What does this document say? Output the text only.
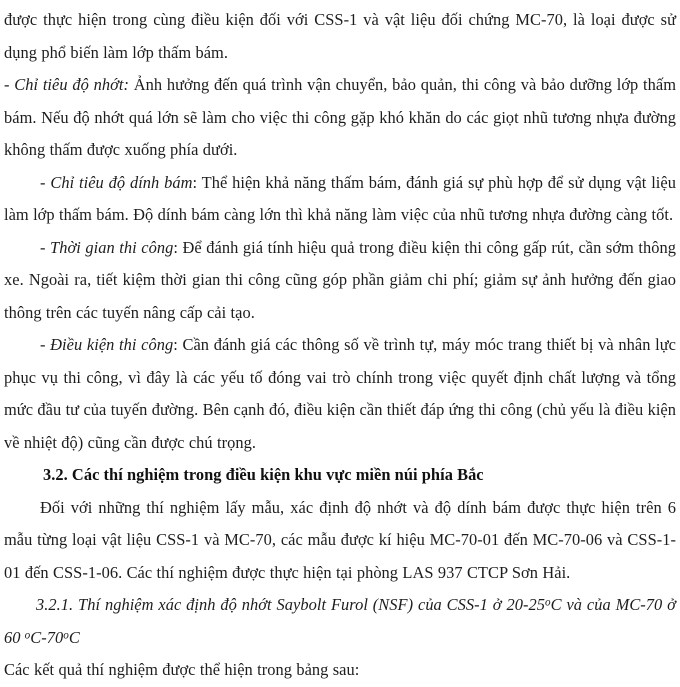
được thực hiện trong cùng điều kiện đối với CSS-1 và vật liệu đối chứng MC-70, là loại được sử dụng phổ biến làm lớp thấm bám.

- Chỉ tiêu độ nhớt: Ảnh hưởng đến quá trình vận chuyển, bảo quản, thi công và bảo dưỡng lớp thấm bám. Nếu độ nhớt quá lớn sẽ làm cho việc thi công gặp khó khăn do các giọt nhũ tương nhựa đường không thấm được xuống phía dưới.

- Chỉ tiêu độ dính bám: Thể hiện khả năng thấm bám, đánh giá sự phù hợp để sử dụng vật liệu làm lớp thấm bám. Độ dính bám càng lớn thì khả năng làm việc của nhũ tương nhựa đường càng tốt.

- Thời gian thi công: Để đánh giá tính hiệu quả trong điều kiện thi công gấp rút, cần sớm thông xe. Ngoài ra, tiết kiệm thời gian thi công cũng góp phần giảm chi phí; giảm sự ảnh hưởng đến giao thông trên các tuyến nâng cấp cải tạo.

- Điều kiện thi công: Cần đánh giá các thông số về trình tự, máy móc trang thiết bị và nhân lực phục vụ thi công, vì đây là các yếu tố đóng vai trò chính trong việc quyết định chất lượng và tổng mức đầu tư của tuyến đường. Bên cạnh đó, điều kiện cần thiết đáp ứng thi công (chủ yếu là điều kiện về nhiệt độ) cũng cần được chú trọng.

3.2. Các thí nghiệm trong điều kiện khu vực miền núi phía Bắc

Đối với những thí nghiệm lấy mẫu, xác định độ nhớt và độ dính bám được thực hiện trên 6 mẫu từng loại vật liệu CSS-1 và MC-70, các mẫu được kí hiệu MC-70-01 đến MC-70-06 và CSS-1-01 đến CSS-1-06. Các thí nghiệm được thực hiện tại phòng LAS 937 CTCP Sơn Hải.

3.2.1. Thí nghiệm xác định độ nhớt Saybolt Furol (NSF) của CSS-1 ở 20-25$^o$C và của MC-70 ở 60 $^o$C-70$^o$C

Các kết quả thí nghiệm được thể hiện trong bảng sau:
